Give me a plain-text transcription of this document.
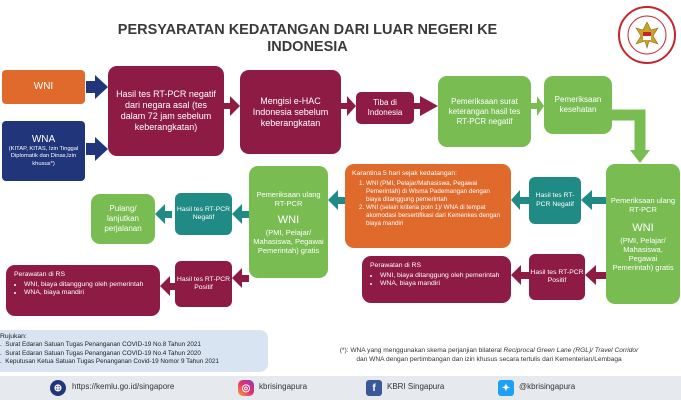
PERSYARATAN KEDATANGAN DARI LUAR NEGERI KE
INDONESIA
WNI
WNA
(KITAP, KITAS, Izin Tinggal Diplomatik dan Dinas,Izin khusus*)
Hasil tes RT-PCR negatif dari negara asal (tes dalam 72 jam sebelum keberangkatan)
Mengisi e-HAC Indonesia sebelum keberangkatan
Tiba di Indonesia
Pemeriksaan surat keterangan hasil tes RT-PCR negatif
Pemeriksaan kesehatan
Pemeriksaan ulang RT-PCR
WNI
(PMI, Pelajar/ Mahasiswa, Pegawai Pemerintah) gratis
Hasil tes RT-PCR Negatif
Hasil tes RT-PCR Positif
Karantina 5 hari sejak kedatangan:
1. WNI (PMI, Pelajar/Mahasiswa, Pegawai Pemerintah) di Wisma Pademangan dengan biaya ditanggung pemerintah
2. WNI (selain kriteria poin 1)/ WNA di tempat akomodasi bersertifikasi dari Kemenkes dengan biaya mandiri
Perawatan di RS
• WNI, biaya ditanggung oleh pemerintah
• WNA, biaya mandiri
Pemeriksaan ulang RT-PCR
WNI
(PMI, Pelajar/ Mahasiswa, Pegawai Pemerintah) gratis
Hasil tes RT-PCR Negatif
Hasil tes RT-PCR Positif
Pulang/ lanjutkan perjalanan
Perawatan di RS
• WNI, biaya ditanggung oleh pemerintah
• WNA, biaya mandiri
Rujukan:
.  Surat Edaran Satuan Tugas Penanganan COVID-19 No.8 Tahun 2021
.  Surat Edaran Satuan Tugas Penanganan COVID-19 No.4 Tahun 2020
.  Keputusan Ketua Satuan Tugas Penanganan Covid-19 Nomor 9 Tahun 2021
(*): WNA yang menggunakan skema perjanjian bilateral Reciprocal Green Lane (RGL)/ Travel Corridor
dan WNA dengan pertimbangan dan izin khusus secara tertulis dari Kementerian/Lembaga
⊕	https://kemlu.go.id/singapore	◎	kbrisingapura	f	KBRI Singapura	✦	@kbrisingapura
